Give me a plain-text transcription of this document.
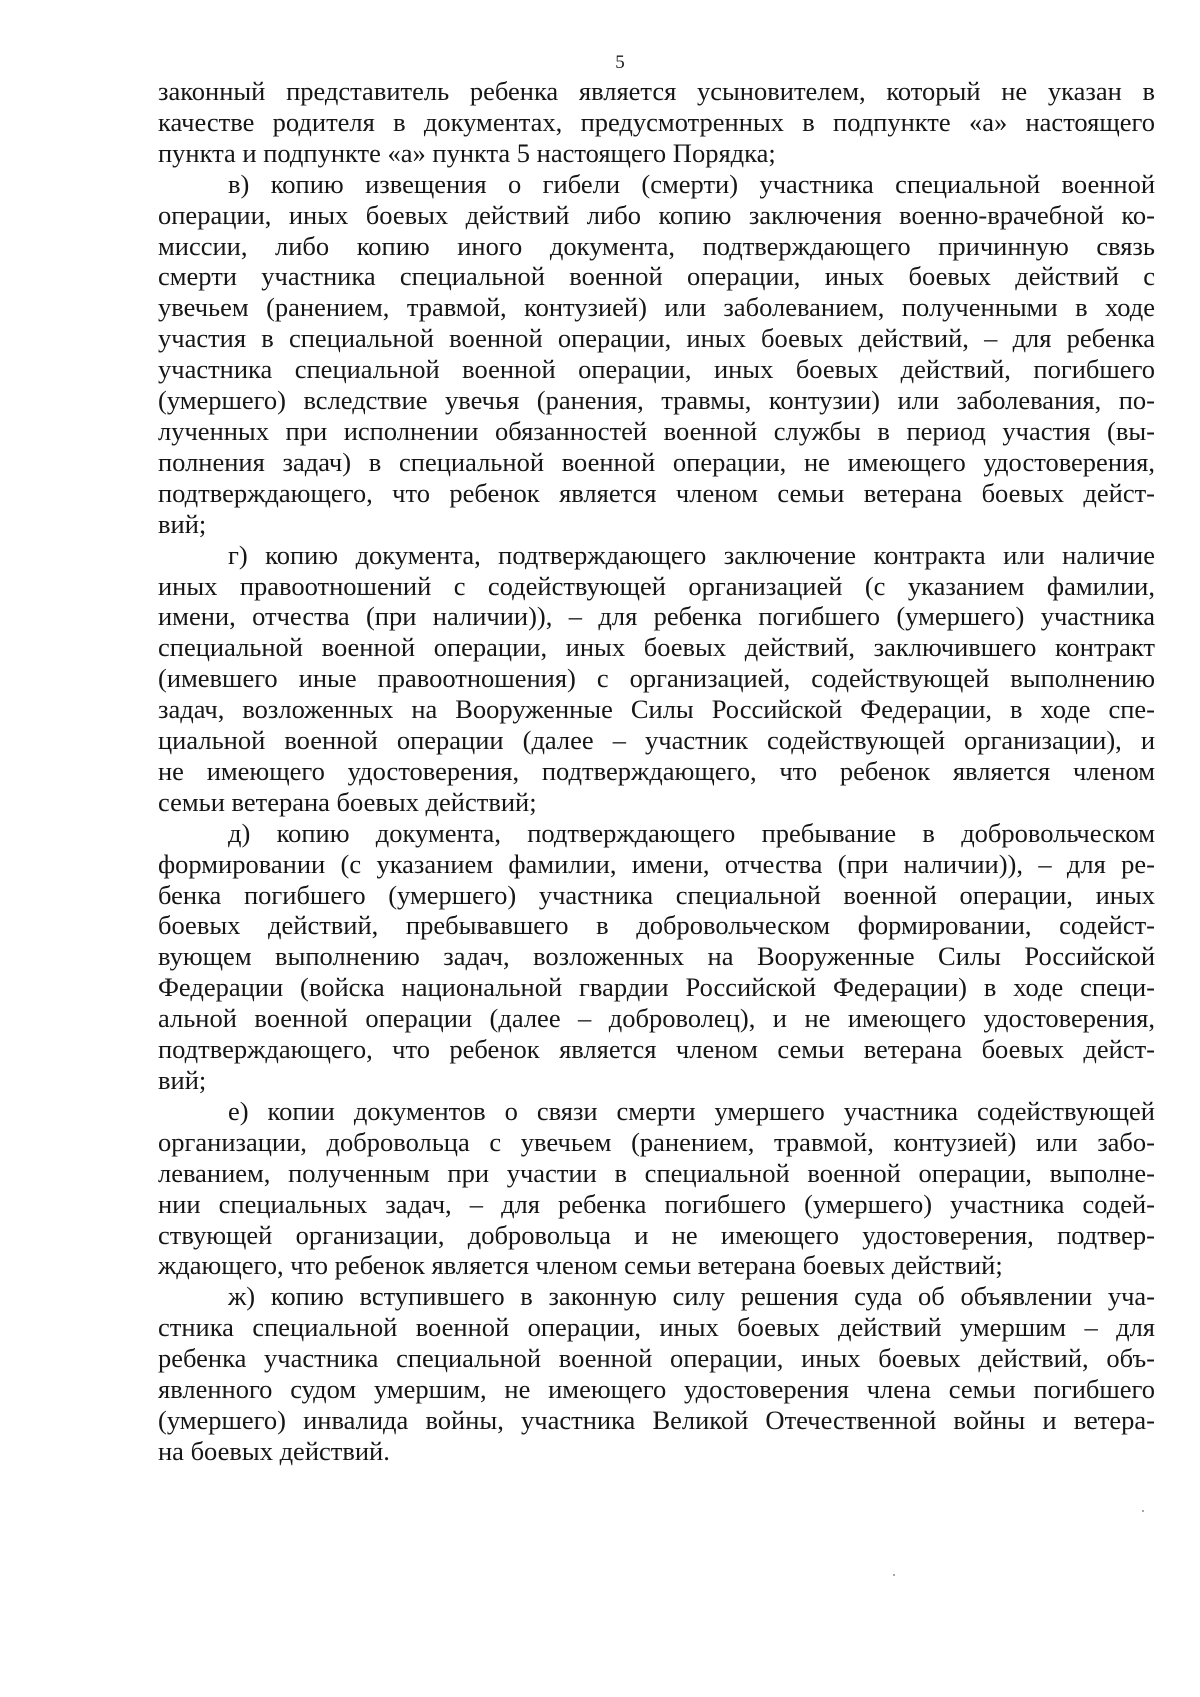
5

законный представитель ребенка является усыновителем, который не указан в
качестве родителя в документах, предусмотренных в подпункте «а» настоящего
пункта и подпункте «а» пункта 5 настоящего Порядка;

в) копию извещения о гибели (смерти) участника специальной военной
операции, иных боевых действий либо копию заключения военно-врачебной ко-
миссии, либо копию иного документа, подтверждающего причинную связь
смерти участника специальной военной операции, иных боевых действий с
увечьем (ранением, травмой, контузией) или заболеванием, полученными в ходе
участия в специальной военной операции, иных боевых действий, – для ребенка
участника специальной военной операции, иных боевых действий, погибшего
(умершего) вследствие увечья (ранения, травмы, контузии) или заболевания, по-
лученных при исполнении обязанностей военной службы в период участия (вы-
полнения задач) в специальной военной операции, не имеющего удостоверения,
подтверждающего, что ребенок является членом семьи ветерана боевых дейст-
вий;

г) копию документа, подтверждающего заключение контракта или наличие
иных правоотношений с содействующей организацией (с указанием фамилии,
имени, отчества (при наличии)), – для ребенка погибшего (умершего) участника
специальной военной операции, иных боевых действий, заключившего контракт
(имевшего иные правоотношения) с организацией, содействующей выполнению
задач, возложенных на Вооруженные Силы Российской Федерации, в ходе спе-
циальной военной операции (далее – участник содействующей организации), и
не имеющего удостоверения, подтверждающего, что ребенок является членом
семьи ветерана боевых действий;

д) копию документа, подтверждающего пребывание в добровольческом
формировании (с указанием фамилии, имени, отчества (при наличии)), – для ре-
бенка погибшего (умершего) участника специальной военной операции, иных
боевых действий, пребывавшего в добровольческом формировании, содейст-
вующем выполнению задач, возложенных на Вооруженные Силы Российской
Федерации (войска национальной гвардии Российской Федерации) в ходе специ-
альной военной операции (далее – доброволец), и не имеющего удостоверения,
подтверждающего, что ребенок является членом семьи ветерана боевых дейст-
вий;

е) копии документов о связи смерти умершего участника содействующей
организации, добровольца с увечьем (ранением, травмой, контузией) или забо-
леванием, полученным при участии в специальной военной операции, выполне-
нии специальных задач, – для ребенка погибшего (умершего) участника содей-
ствующей организации, добровольца и не имеющего удостоверения, подтвер-
ждающего, что ребенок является членом семьи ветерана боевых действий;

ж) копию вступившего в законную силу решения суда об объявлении уча-
стника специальной военной операции, иных боевых действий умершим – для
ребенка участника специальной военной операции, иных боевых действий, объ-
явленного судом умершим, не имеющего удостоверения члена семьи погибшего
(умершего) инвалида войны, участника Великой Отечественной войны и ветера-
на боевых действий.
